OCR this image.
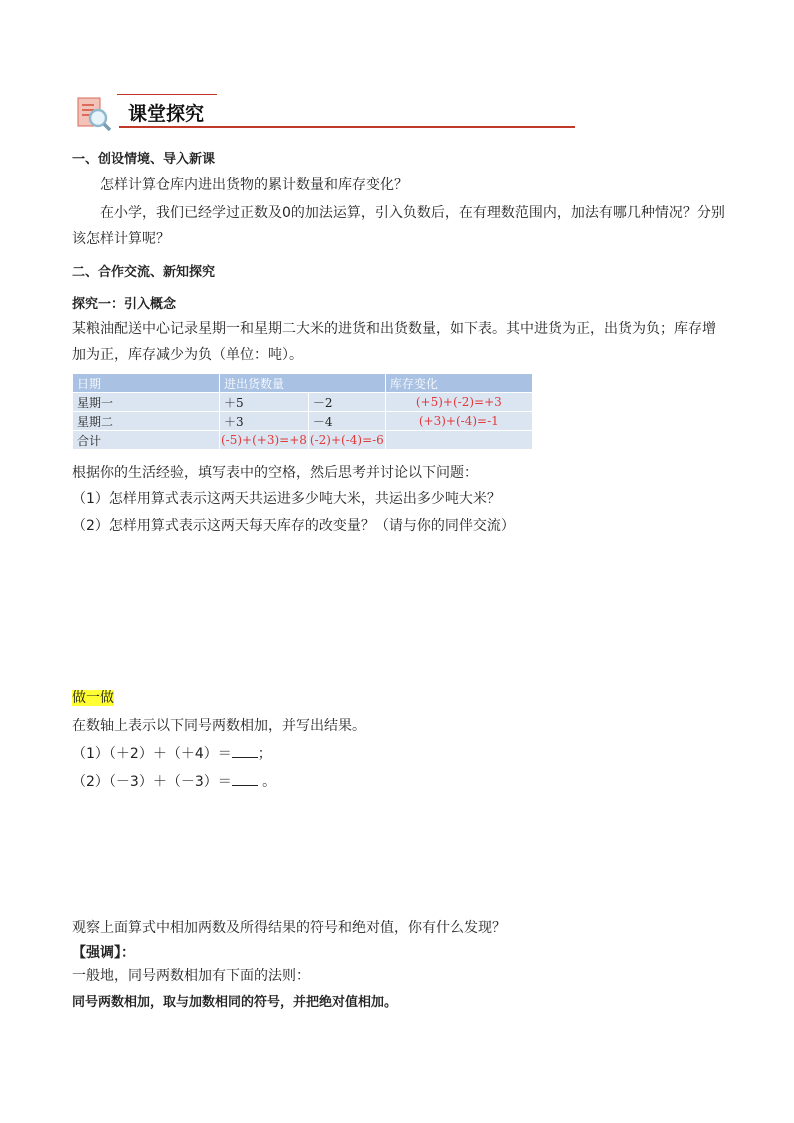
课堂探究
一、创设情境、导入新课
怎样计算仓库内进出货物的累计数量和库存变化？
在小学，我们已经学过正数及0的加法运算，引入负数后，在有理数范围内，加法有哪几种情况？分别
该怎样计算呢？
二、合作交流、新知探究
探究一：引入概念
某粮油配送中心记录星期一和星期二大米的进货和出货数量，如下表。其中进货为正，出货为负；库存增
加为正，库存减少为负（单位：吨）。
日期	进出货数量		库存变化
星期一	＋5	－2	(+5)+(-2)=+3
星期二	＋3	－4	(+3)+(-4)=-1
合计	(-5)+(+3)=+8	(-2)+(-4)=-6	
根据你的生活经验，填写表中的空格，然后思考并讨论以下问题：
（1）怎样用算式表示这两天共运进多少吨大米，共运出多少吨大米？
（2）怎样用算式表示这两天每天库存的改变量？（请与你的同伴交流）
做一做
在数轴上表示以下同号两数相加，并写出结果。
（1）（＋2）＋（＋4）＝ ；
（2）（－3）＋（－3）＝ 。
观察上面算式中相加两数及所得结果的符号和绝对值，你有什么发现？
【强调】：
一般地，同号两数相加有下面的法则：
同号两数相加，取与加数相同的符号，并把绝对值相加。
